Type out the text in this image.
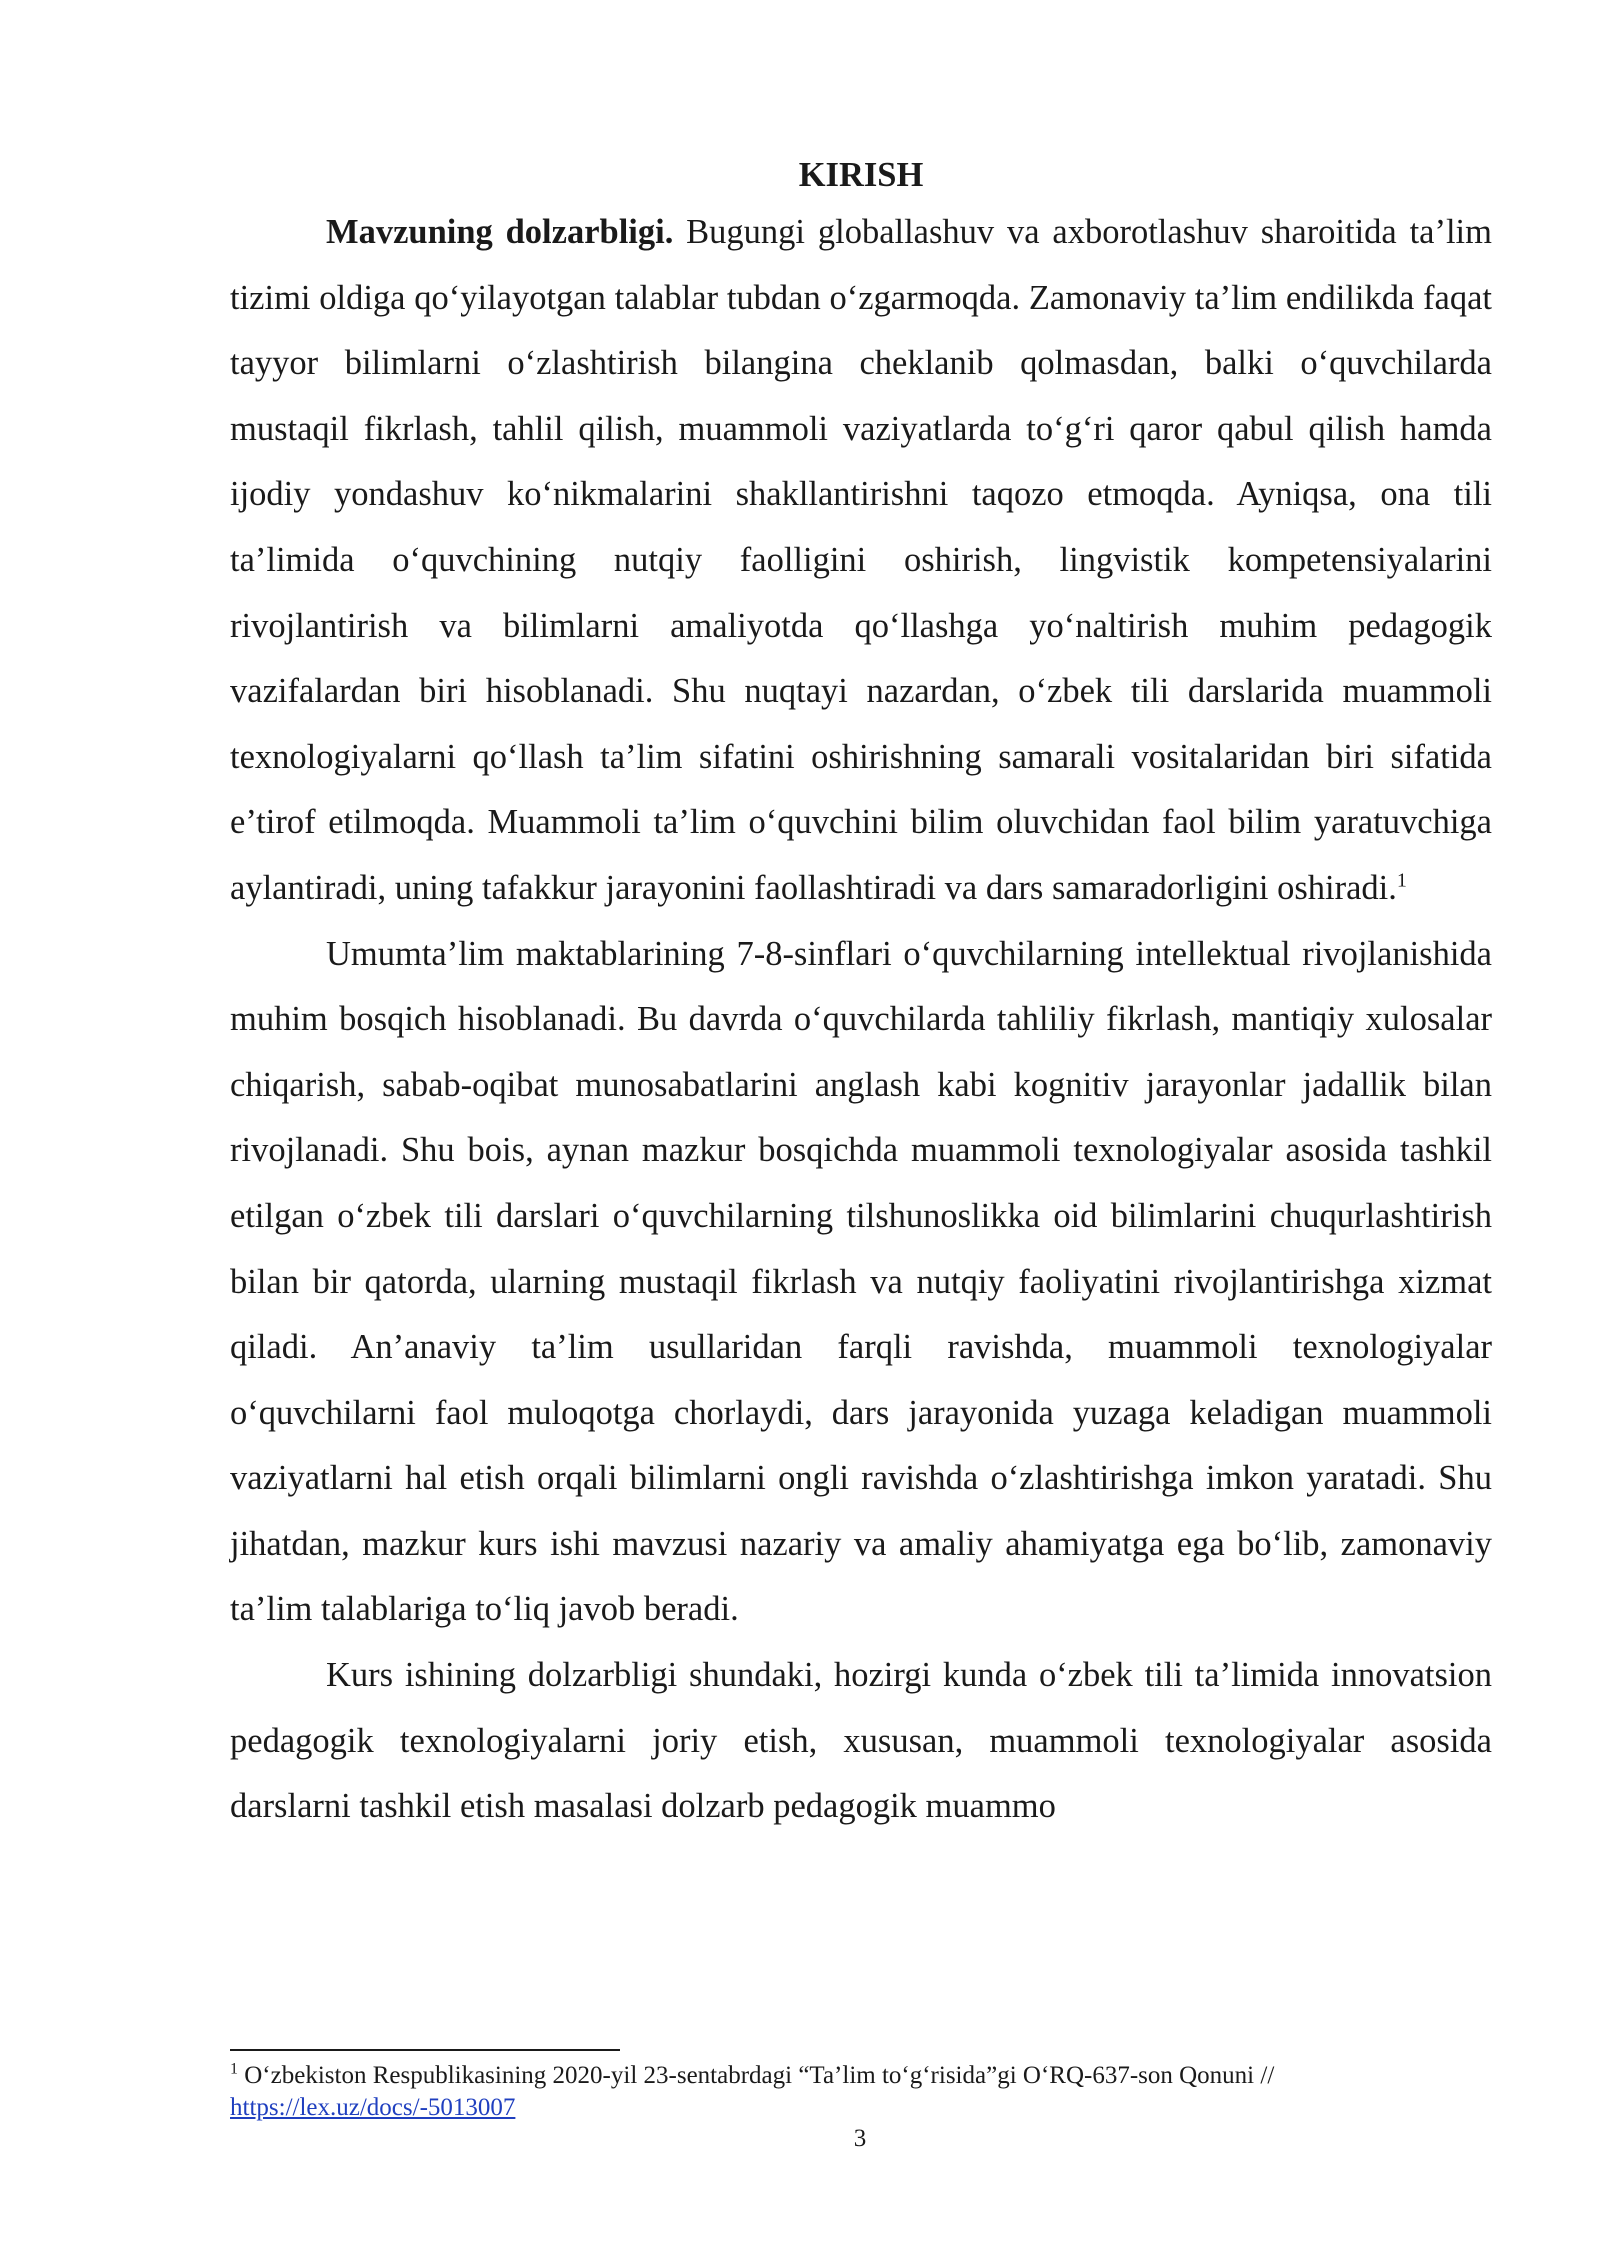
KIRISH

Mavzuning dolzarbligi. Bugungi globallashuv va axborotlashuv sharoitida ta’lim tizimi oldiga qo‘yilayotgan talablar tubdan o‘zgarmoqda. Zamonaviy ta’lim endilikda faqat tayyor bilimlarni o‘zlashtirish bilangina cheklanib qolmasdan, balki o‘quvchilarda mustaqil fikrlash, tahlil qilish, muammoli vaziyatlarda to‘g‘ri qaror qabul qilish hamda ijodiy yondashuv ko‘nikmalarini shakllantirishni taqozo etmoqda. Ayniqsa, ona tili ta’limida o‘quvchining nutqiy faolligini oshirish, lingvistik kompetensiyalarini rivojlantirish va bilimlarni amaliyotda qo‘llashga yo‘naltirish muhim pedagogik vazifalardan biri hisoblanadi. Shu nuqtayi nazardan, o‘zbek tili darslarida muammoli texnologiyalarni qo‘llash ta’lim sifatini oshirishning samarali vositalaridan biri sifatida e’tirof etilmoqda. Muammoli ta’lim o‘quvchini bilim oluvchidan faol bilim yaratuvchiga aylantiradi, uning tafakkur jarayonini faollashtiradi va dars samaradorligini oshiradi.$^1$

Umumta’lim maktablarining 7-8-sinflari o‘quvchilarning intellektual rivojlanishida muhim bosqich hisoblanadi. Bu davrda o‘quvchilarda tahliliy fikrlash, mantiqiy xulosalar chiqarish, sabab-oqibat munosabatlarini anglash kabi kognitiv jarayonlar jadallik bilan rivojlanadi. Shu bois, aynan mazkur bosqichda muammoli texnologiyalar asosida tashkil etilgan o‘zbek tili darslari o‘quvchilarning tilshunoslikka oid bilimlarini chuqurlashtirish bilan bir qatorda, ularning mustaqil fikrlash va nutqiy faoliyatini rivojlantirishga xizmat qiladi. An’anaviy ta’lim usullaridan farqli ravishda, muammoli texnologiyalar o‘quvchilarni faol muloqotga chorlaydi, dars jarayonida yuzaga keladigan muammoli vaziyatlarni hal etish orqali bilimlarni ongli ravishda o‘zlashtirishga imkon yaratadi. Shu jihatdan, mazkur kurs ishi mavzusi nazariy va amaliy ahamiyatga ega bo‘lib, zamonaviy ta’lim talablariga to‘liq javob beradi.

Kurs ishining dolzarbligi shundaki, hozirgi kunda o‘zbek tili ta’limida innovatsion pedagogik texnologiyalarni joriy etish, xususan, muammoli texnologiyalar asosida darslarni tashkil etish masalasi dolzarb pedagogik muammo

$^1$ O‘zbekiston Respublikasining 2020-yil 23-sentabrdagi “Ta’lim to‘g‘risida”gi O‘RQ-637-son Qonuni // https://lex.uz/docs/-5013007
3
